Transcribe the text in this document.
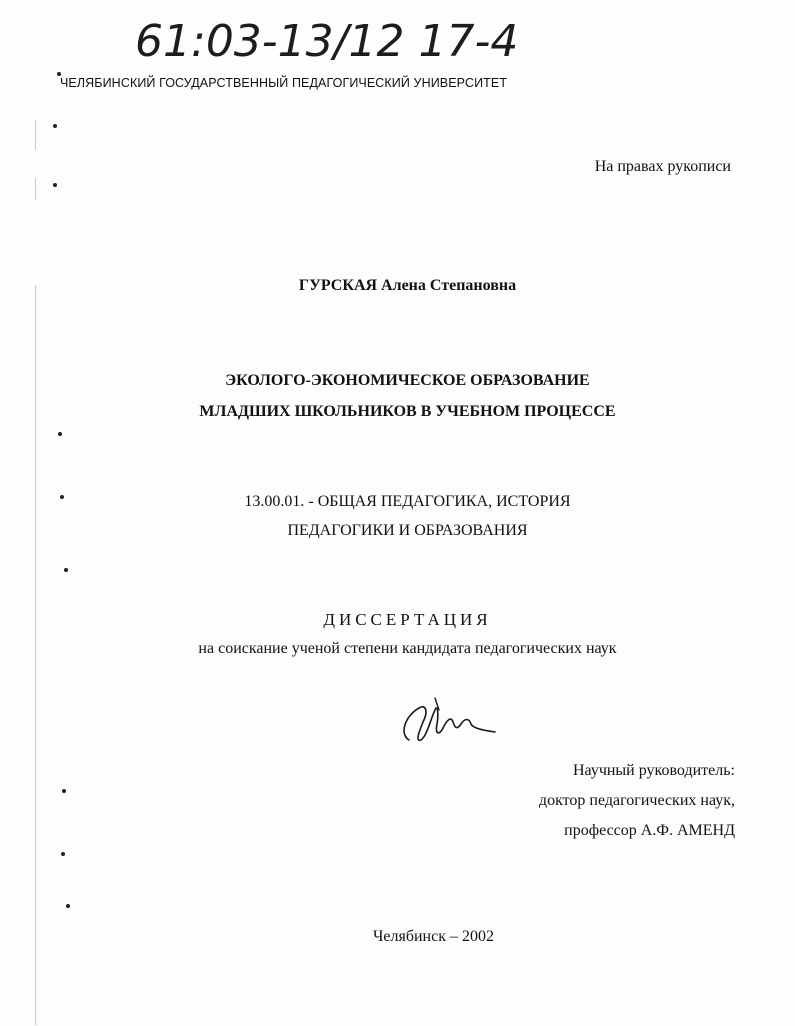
61:03-13/12 17-4
ЧЕЛЯБИНСКИЙ ГОСУДАРСТВЕННЫЙ ПЕДАГОГИЧЕСКИЙ УНИВЕРСИТЕТ
На правах рукописи
ГУРСКАЯ Алена Степановна
ЭКОЛОГО-ЭКОНОМИЧЕСКОЕ ОБРАЗОВАНИЕ
МЛАДШИХ ШКОЛЬНИКОВ В УЧЕБНОМ ПРОЦЕССЕ
13.00.01. - ОБЩАЯ ПЕДАГОГИКА, ИСТОРИЯ
ПЕДАГОГИКИ И ОБРАЗОВАНИЯ
ДИССЕРТАЦИЯ
на соискание ученой степени кандидата педагогических наук
Научный руководитель:
доктор педагогических наук,
профессор А.Ф. АМЕНД
Челябинск – 2002
